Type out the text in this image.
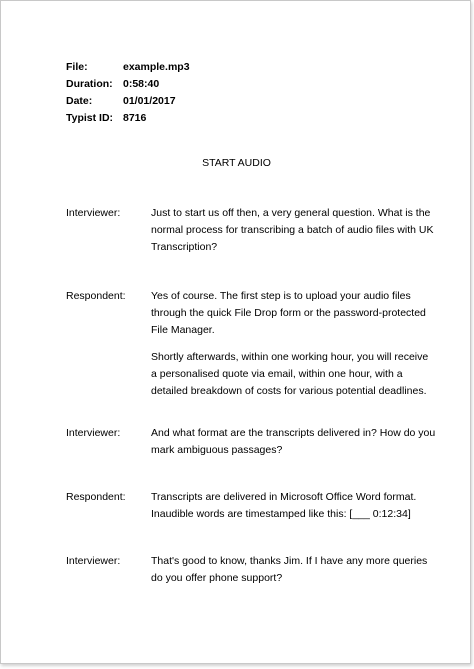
File:	example.mp3
Duration: 0:58:40
Date:	01/01/2017
Typist ID: 8716
START AUDIO
Interviewer:	Just to start us off then, a very general question. What is the normal process for transcribing a batch of audio files with UK Transcription?

Respondent: Yes of course. The first step is to upload your audio files through the quick File Drop form or the password-protected File Manager.

Shortly afterwards, within one working hour, you will receive a personalised quote via email, within one hour, with a detailed breakdown of costs for various potential deadlines.

Interviewer:	And what format are the transcripts delivered in? How do you mark ambiguous passages?

Respondent: Transcripts are delivered in Microsoft Office Word format. Inaudible words are timestamped like this: [___ 0:12:34]

Interviewer:	That's good to know, thanks Jim. If I have any more queries do you offer phone support?
